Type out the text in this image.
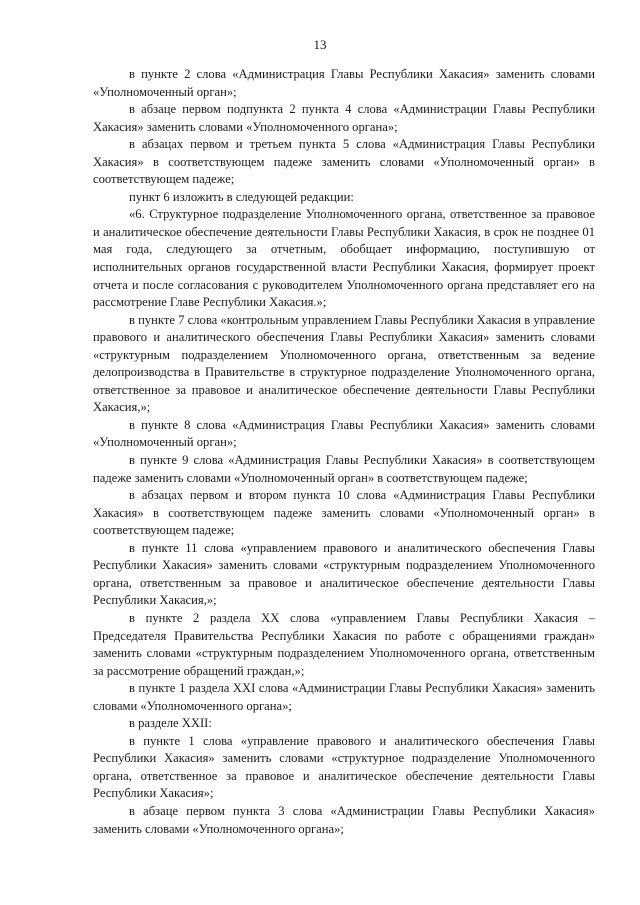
13

в пункте 2 слова «Администрация Главы Республики Хакасия» заменить словами «Уполномоченный орган»;

в абзаце первом подпункта 2 пункта 4 слова «Администрации Главы Республики Хакасия» заменить словами «Уполномоченного органа»;

в абзацах первом и третьем пункта 5 слова «Администрация Главы Республики Хакасия» в соответствующем падеже заменить словами «Уполномоченный орган» в соответствующем падеже;

пункт 6 изложить в следующей редакции:

«6. Структурное подразделение Уполномоченного органа, ответственное за правовое и аналитическое обеспечение деятельности Главы Республики Хакасия, в срок не позднее 01 мая года, следующего за отчетным, обобщает информацию, поступившую от исполнительных органов государственной власти Республики Хакасия, формирует проект отчета и после согласования с руководителем Уполномоченного органа представляет его на рассмотрение Главе Республики Хакасия.»;

в пункте 7 слова «контрольным управлением Главы Республики Хакасия в управление правового и аналитического обеспечения Главы Республики Хакасия» заменить словами «структурным подразделением Уполномоченного органа, ответственным за ведение делопроизводства в Правительстве в структурное подразделение Уполномоченного органа, ответственное за правовое и аналитическое обеспечение деятельности Главы Республики Хакасия,»;

в пункте 8 слова «Администрация Главы Республики Хакасия» заменить словами «Уполномоченный орган»;

в пункте 9 слова «Администрация Главы Республики Хакасия» в соответствующем падеже заменить словами «Уполномоченный орган» в соответствующем падеже;

в абзацах первом и втором пункта 10 слова «Администрация Главы Республики Хакасия» в соответствующем падеже заменить словами «Уполномоченный орган» в соответствующем падеже;

в пункте 11 слова «управлением правового и аналитического обеспечения Главы Республики Хакасия» заменить словами «структурным подразделением Уполномоченного органа, ответственным за правовое и аналитическое обеспечение деятельности Главы Республики Хакасия,»;

в пункте 2 раздела XX слова «управлением Главы Республики Хакасия – Председателя Правительства Республики Хакасия по работе с обращениями граждан» заменить словами «структурным подразделением Уполномоченного органа, ответственным за рассмотрение обращений граждан,»;

в пункте 1 раздела XXI слова «Администрации Главы Республики Хакасия» заменить словами «Уполномоченного органа»;

в разделе XXII:

в пункте 1 слова «управление правового и аналитического обеспечения Главы Республики Хакасия» заменить словами «структурное подразделение Уполномоченного органа, ответственное за правовое и аналитическое обеспечение деятельности Главы Республики Хакасия»;

в абзаце первом пункта 3 слова «Администрации Главы Республики Хакасия» заменить словами «Уполномоченного органа»;
